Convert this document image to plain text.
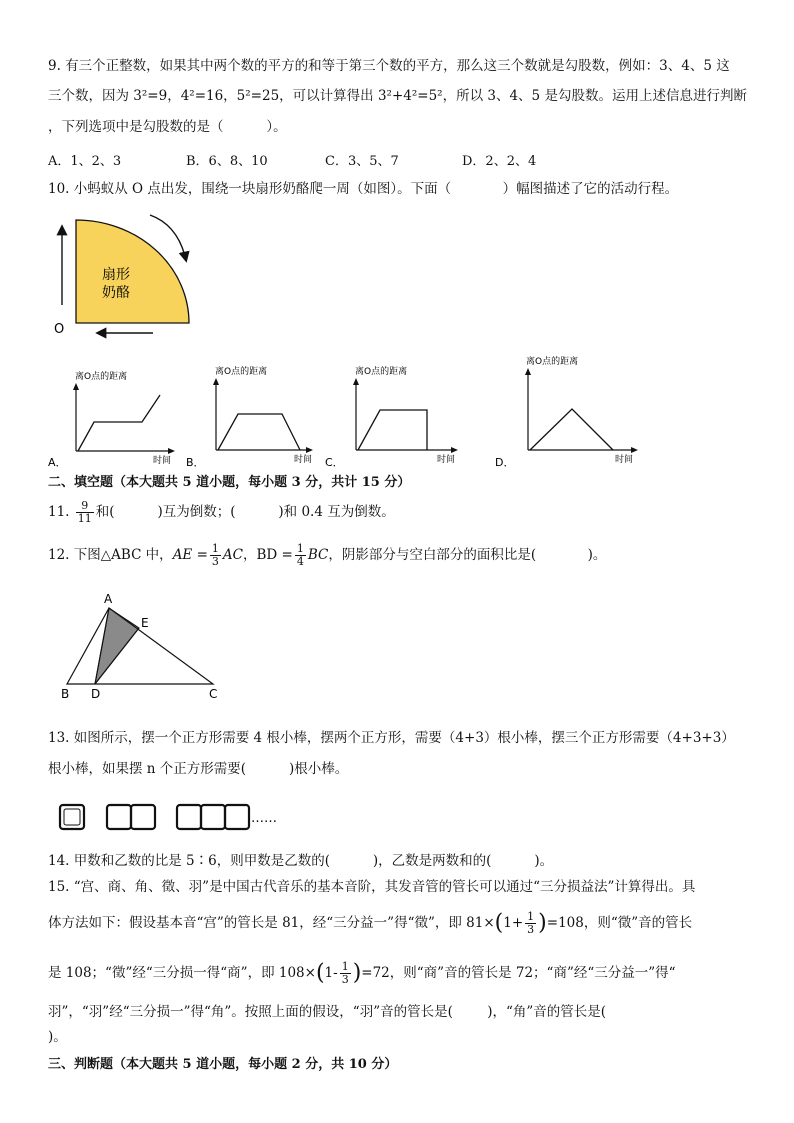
9. 有三个正整数，如果其中两个数的平方的和等于第三个数的平方，那么这三个数就是勾股数，例如：3、4、5 这
三个数，因为 3²=9，4²=16，5²=25，可以计算得出 3²+4²=5²，所以 3、4、5 是勾股数。运用上述信息进行判断
，下列选项中是勾股数的是（          ）。
A．1、2、3	B．6、8、10	C．3、5、7	D．2、2、4
10. 小蚂蚁从 O 点出发，围绕一块扇形奶酪爬一周（如图）。下面（            ）幅图描述了它的活动行程。
扇形
奶酪
O
离O点的距离
时间
A．
离O点的距离
时间
B．
离O点的距离
时间
C．
离O点的距离
时间
D．
二、填空题（本大题共 5 道小题，每小题 3 分，共计 15 分）
11. $\frac{9}{11}$ 和(          )互为倒数；(          )和 0.4 互为倒数。
12. 下图△ABC 中，AE = $\frac{1}{3}$ AC，BD = $\frac{1}{4}$ BC，阴影部分与空白部分的面积比是(            )。
A
E
B D	C
13. 如图所示，摆一个正方形需要 4 根小棒，摆两个正方形，需要（4+3）根小棒，摆三个正方形需要（4+3+3）
根小棒，如果摆 n 个正方形需要(          )根小棒。
……
14. 甲数和乙数的比是 5∶6，则甲数是乙数的(          )，乙数是两数和的(          )。
15. “宫、商、角、徵、羽”是中国古代音乐的基本音阶，其发音管的管长可以通过“三分损益法”计算得出。具
体方法如下：假设基本音“宫”的管长是 81，经“三分益一”得“徵”，即 $81\times(1+ \frac{1}{3} )=108$，则“徵”音的管长
是 108；“徵”经“三分损一得“商”，即 $108\times(1- \frac{1}{3} )=72$，则“商”音的管长是 72；“商”经“三分益一”得“
羽”，“羽”经“三分损一”得“角”。按照上面的假设，“羽”音的管长是(        )，“角”音的管长是(
)。
三、判断题（本大题共 5 道小题，每小题 2 分，共 10 分）
